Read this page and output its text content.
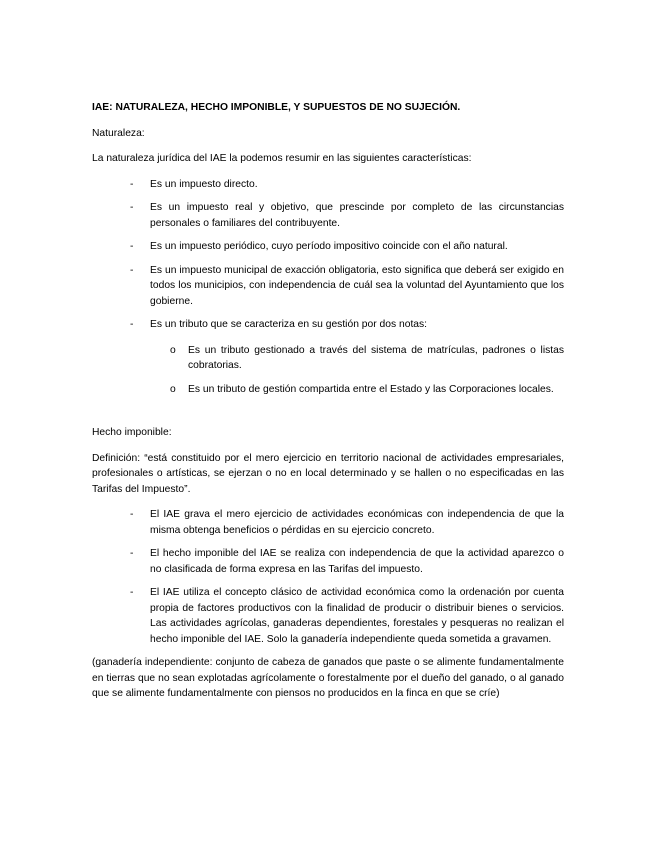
IAE: NATURALEZA, HECHO IMPONIBLE, Y SUPUESTOS DE NO SUJECIÓN.

Naturaleza:

La naturaleza jurídica del IAE la podemos resumir en las siguientes características:

- Es un impuesto directo.
- Es un impuesto real y objetivo, que prescinde por completo de las circunstancias personales o familiares del contribuyente.
- Es un impuesto periódico, cuyo período impositivo coincide con el año natural.
- Es un impuesto municipal de exacción obligatoria, esto significa que deberá ser exigido en todos los municipios, con independencia de cuál sea la voluntad del Ayuntamiento que los gobierne.
- Es un tributo que se caracteriza en su gestión por dos notas:
o Es un tributo gestionado a través del sistema de matrículas, padrones o listas cobratorias.
o Es un tributo de gestión compartida entre el Estado y las Corporaciones locales.

Hecho imponible:

Definición: “está constituido por el mero ejercicio en territorio nacional de actividades empresariales, profesionales o artísticas, se ejerzan o no en local determinado y se hallen o no especificadas en las Tarifas del Impuesto”.

- El IAE grava el mero ejercicio de actividades económicas con independencia de que la misma obtenga beneficios o pérdidas en su ejercicio concreto.
- El hecho imponible del IAE se realiza con independencia de que la actividad aparezco o no clasificada de forma expresa en las Tarifas del impuesto.
- El IAE utiliza el concepto clásico de actividad económica como la ordenación por cuenta propia de factores productivos con la finalidad de producir o distribuir bienes o servicios. Las actividades agrícolas, ganaderas dependientes, forestales y pesqueras no realizan el hecho imponible del IAE. Solo la ganadería independiente queda sometida a gravamen.

(ganadería independiente: conjunto de cabeza de ganados que paste o se alimente fundamentalmente en tierras que no sean explotadas agrícolamente o forestalmente por el dueño del ganado, o al ganado que se alimente fundamentalmente con piensos no producidos en la finca en que se críe)
